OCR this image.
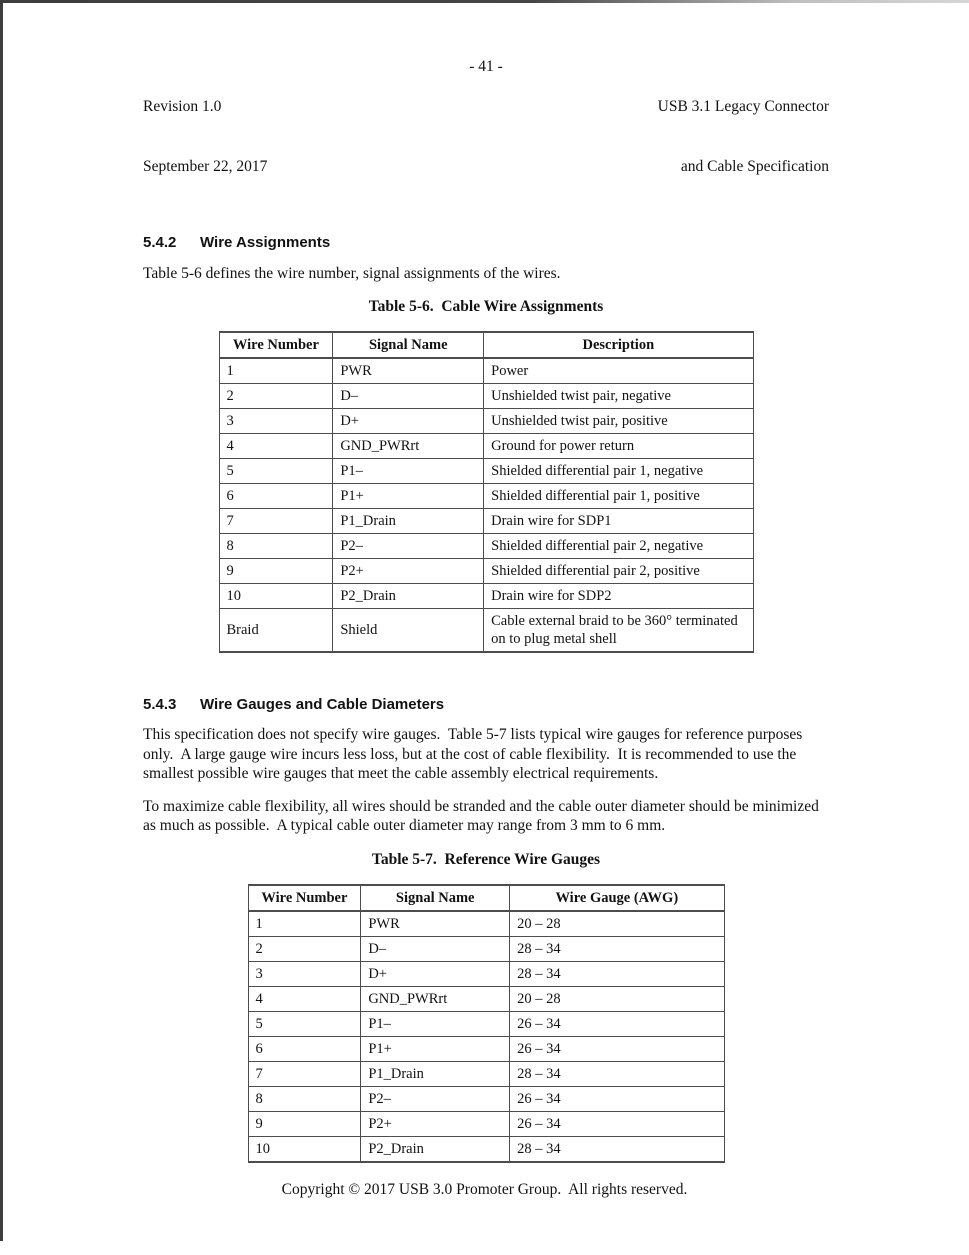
Revision 1.0

September 22, 2017

- 41 -

USB 3.1 Legacy Connector

and Cable Specification

5.4.2	Wire Assignments

Table 5-6 defines the wire number, signal assignments of the wires.

Table 5-6.  Cable Wire Assignments

Wire Number	Signal Name	Description
1	PWR	Power
2	D–	Unshielded twist pair, negative
3	D+	Unshielded twist pair, positive
4	GND_PWRrt	Ground for power return
5	P1–	Shielded differential pair 1, negative
6	P1+	Shielded differential pair 1, positive
7	P1_Drain	Drain wire for SDP1
8	P2–	Shielded differential pair 2, negative
9	P2+	Shielded differential pair 2, positive
10	P2_Drain	Drain wire for SDP2
Braid	Shield	Cable external braid to be 360° terminated on to plug metal shell
5.4.3	Wire Gauges and Cable Diameters

This specification does not specify wire gauges.  Table 5-7 lists typical wire gauges for reference purposes only.  A large gauge wire incurs less loss, but at the cost of cable flexibility.  It is recommended to use the smallest possible wire gauges that meet the cable assembly electrical requirements.

To maximize cable flexibility, all wires should be stranded and the cable outer diameter should be minimized as much as possible.  A typical cable outer diameter may range from 3 mm to 6 mm.

Table 5-7.  Reference Wire Gauges

Wire Number	Signal Name	Wire Gauge (AWG)
1	PWR	20 – 28
2	D–	28 – 34
3	D+	28 – 34
4	GND_PWRrt	20 – 28
5	P1–	26 – 34
6	P1+	26 – 34
7	P1_Drain	28 – 34
8	P2–	26 – 34
9	P2+	26 – 34
10	P2_Drain	28 – 34
Copyright © 2017 USB 3.0 Promoter Group.  All rights reserved.
